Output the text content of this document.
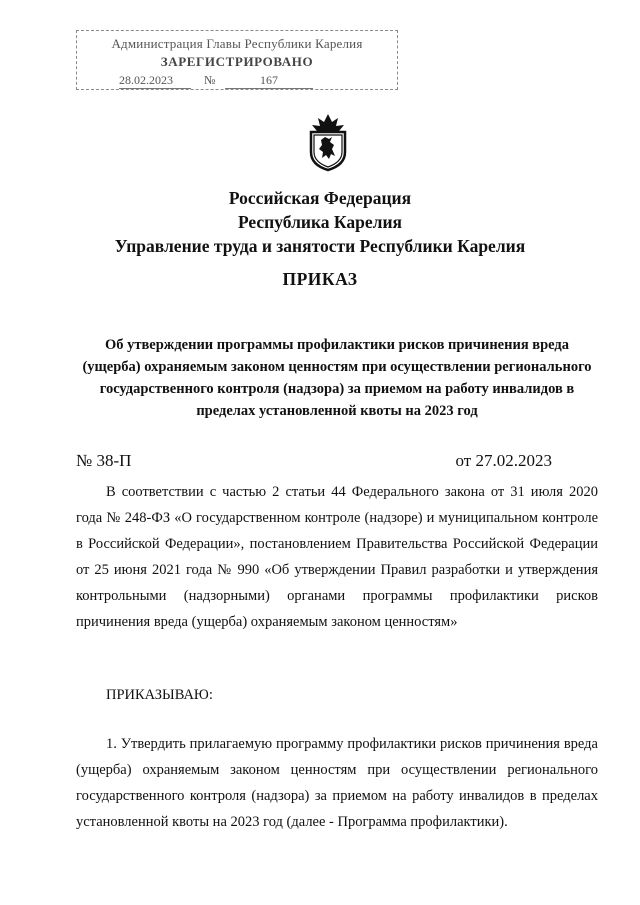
Администрация Главы Республики Карелия
ЗАРЕГИСТРИРОВАНО
28.02.2023	№	167
Российская Федерация
Республика Карелия
Управление труда и занятости Республики Карелия
ПРИКАЗ
Об утверждении программы профилактики рисков причинения вреда (ущерба) охраняемым законом ценностям при осуществлении регионального государственного контроля (надзора) за приемом на работу инвалидов в пределах установленной квоты на 2023 год
№ 38-П	от 27.02.2023
В соответствии с частью 2 статьи 44 Федерального закона от 31 июля 2020 года № 248-ФЗ «О государственном контроле (надзоре) и муниципальном контроле в Российской Федерации», постановлением Правительства Российской Федерации от 25 июня 2021 года № 990 «Об утверждении Правил разработки и утверждения контрольными (надзорными) органами программы профилактики рисков причинения вреда (ущерба) охраняемым законом ценностям»
ПРИКАЗЫВАЮ:
1. Утвердить прилагаемую программу профилактики рисков причинения вреда (ущерба) охраняемым законом ценностям при осуществлении регионального государственного контроля (надзора) за приемом на работу инвалидов в пределах установленной квоты на 2023 год (далее - Программа профилактики).
